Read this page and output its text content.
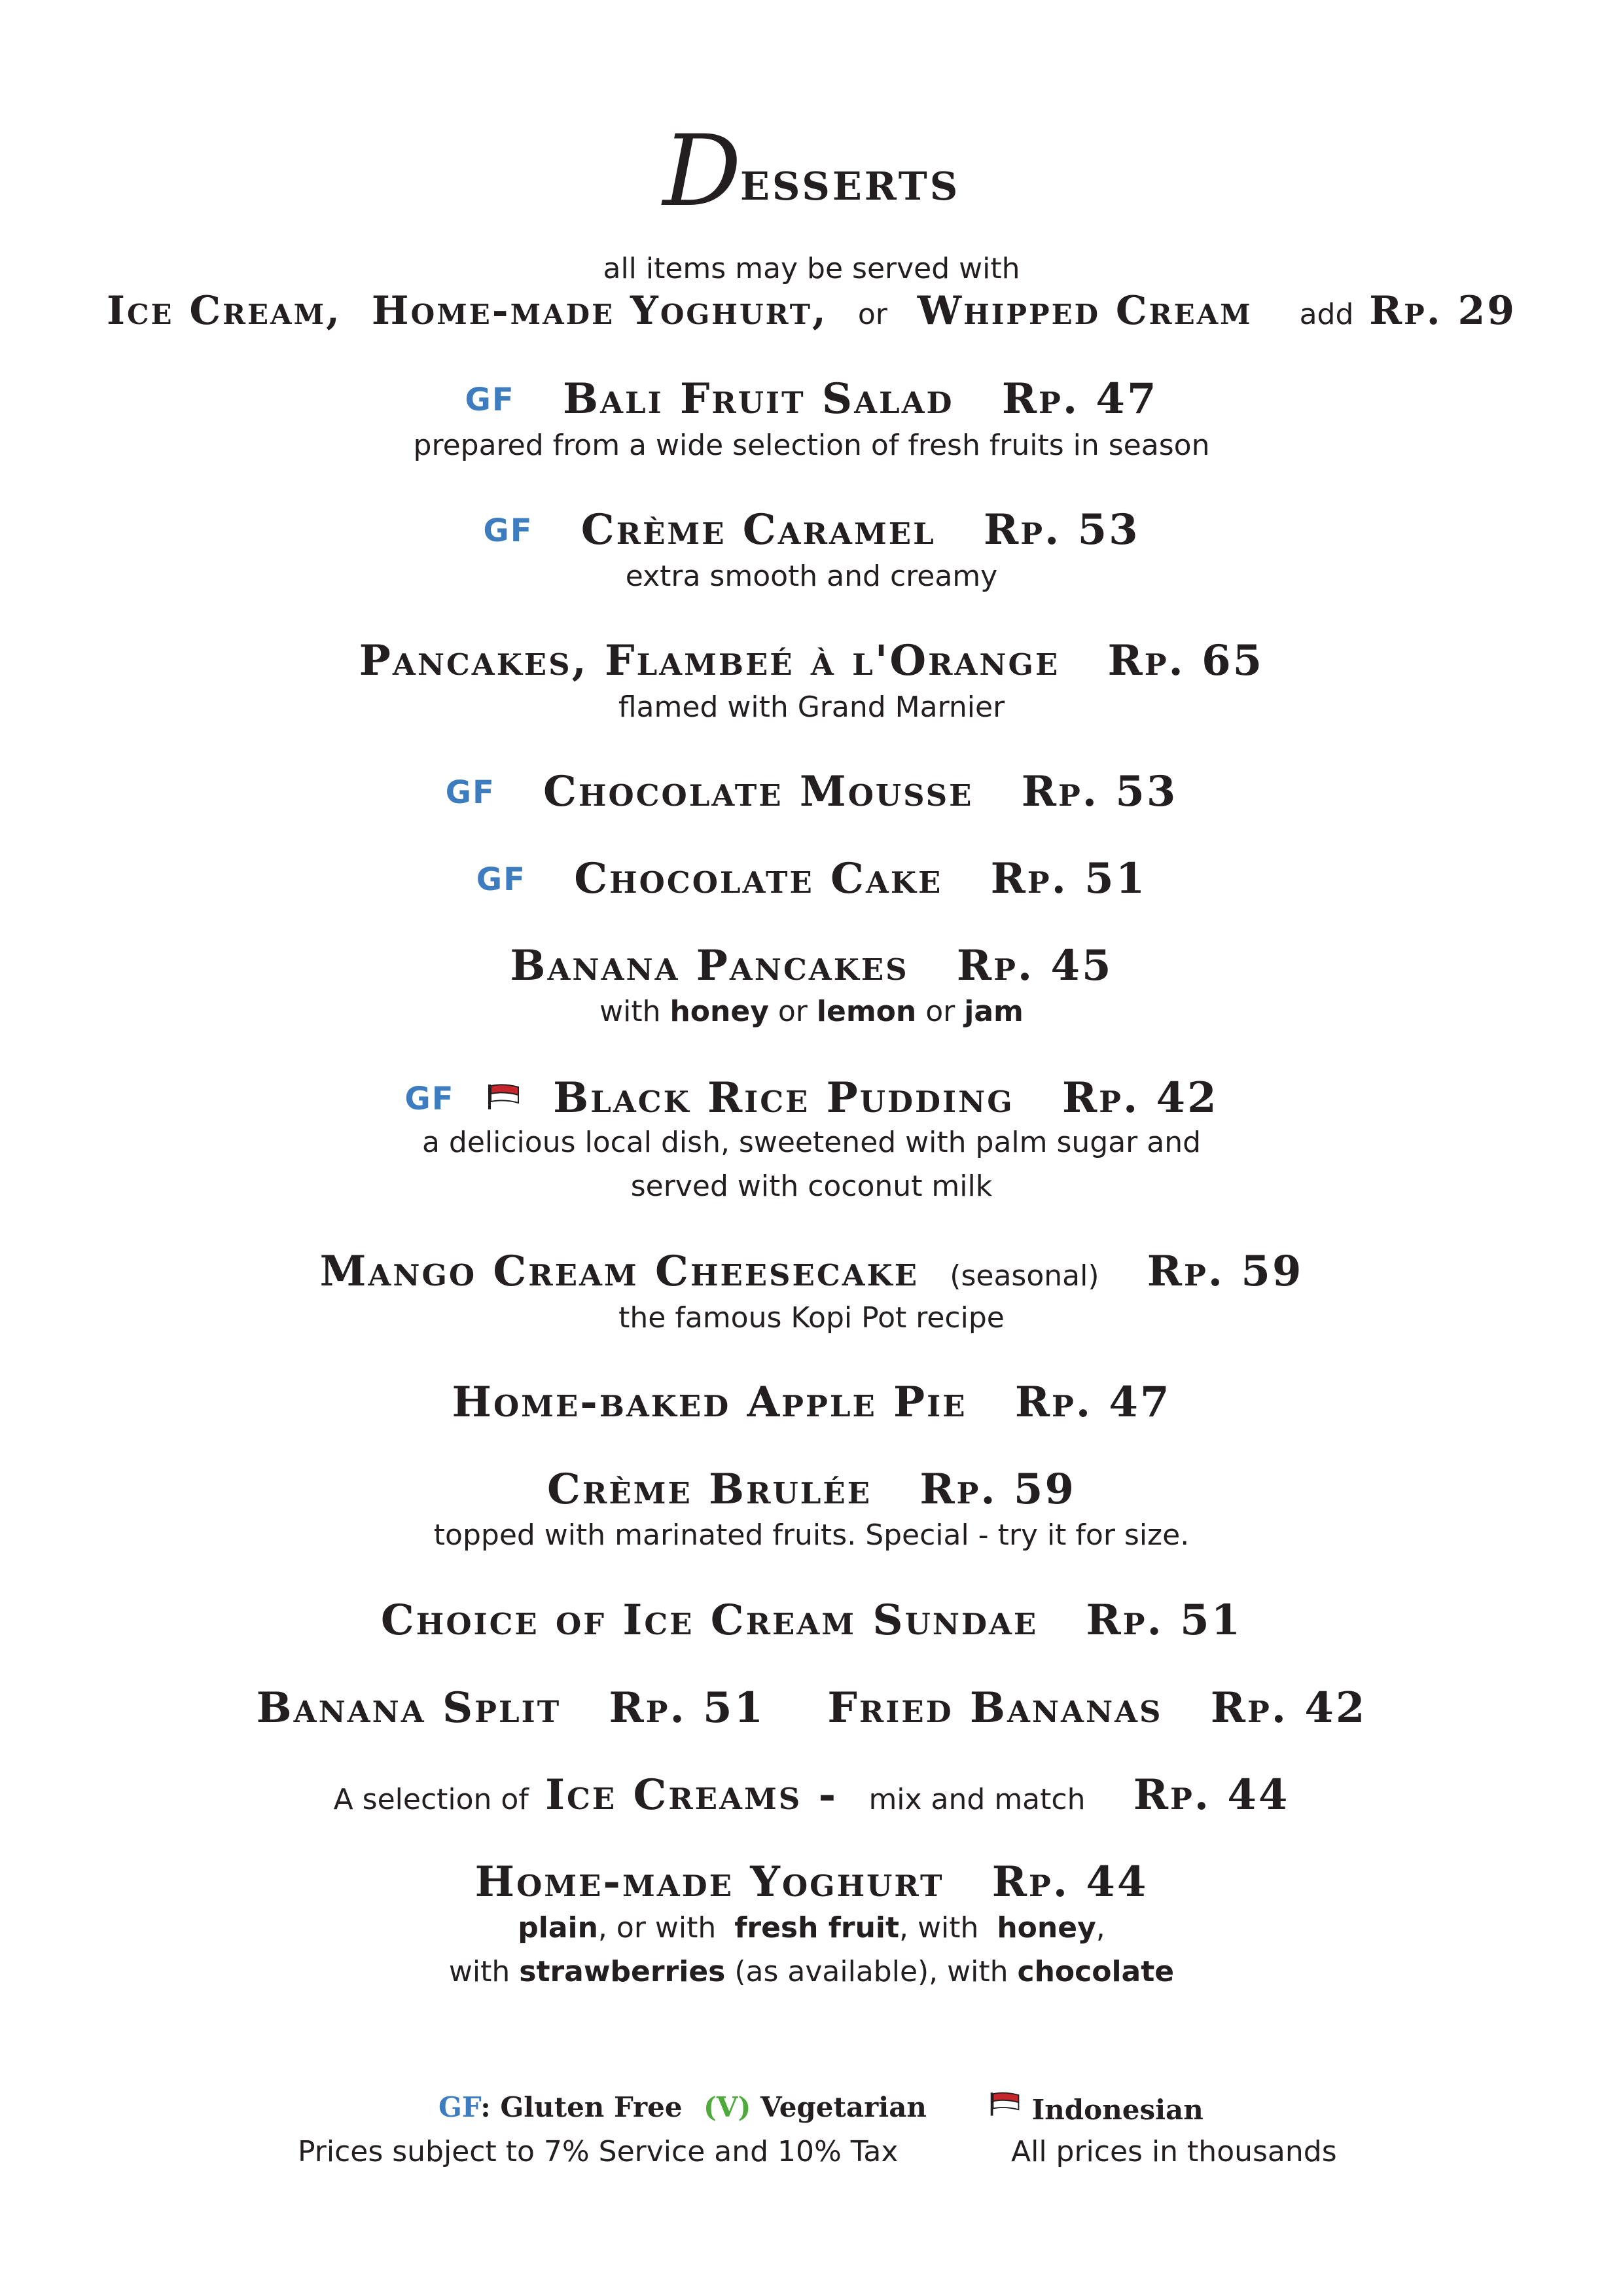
Desserts
all items may be served with
Ice Cream, Home-made Yoghurt, or Whipped Cream add Rp. 29
GF Bali Fruit Salad Rp. 47
prepared from a wide selection of fresh fruits in season
GF Crème Caramel Rp. 53
extra smooth and creamy
Pancakes, Flambeé à l'Orange Rp. 65
flamed with Grand Marnier
GF Chocolate Mousse Rp. 53
GF Chocolate Cake Rp. 51
Banana Pancakes Rp. 45
with honey or lemon or jam
GF Black Rice Pudding Rp. 42
a delicious local dish, sweetened with palm sugar and
served with coconut milk
Mango Cream Cheesecake (seasonal) Rp. 59
the famous Kopi Pot recipe
Home-baked Apple Pie Rp. 47
Crème Brulée Rp. 59
topped with marinated fruits. Special - try it for size.
Choice of Ice Cream Sundae Rp. 51
Banana Split Rp. 51 Fried Bananas Rp. 42
A selection of Ice Creams - mix and match Rp. 44
Home-made Yoghurt Rp. 44
plain, or with fresh fruit, with honey,
with strawberries (as available), with chocolate
GF: Gluten Free (V) Vegetarian	Indonesian
Prices subject to 7% Service and 10% Tax	All prices in thousands
